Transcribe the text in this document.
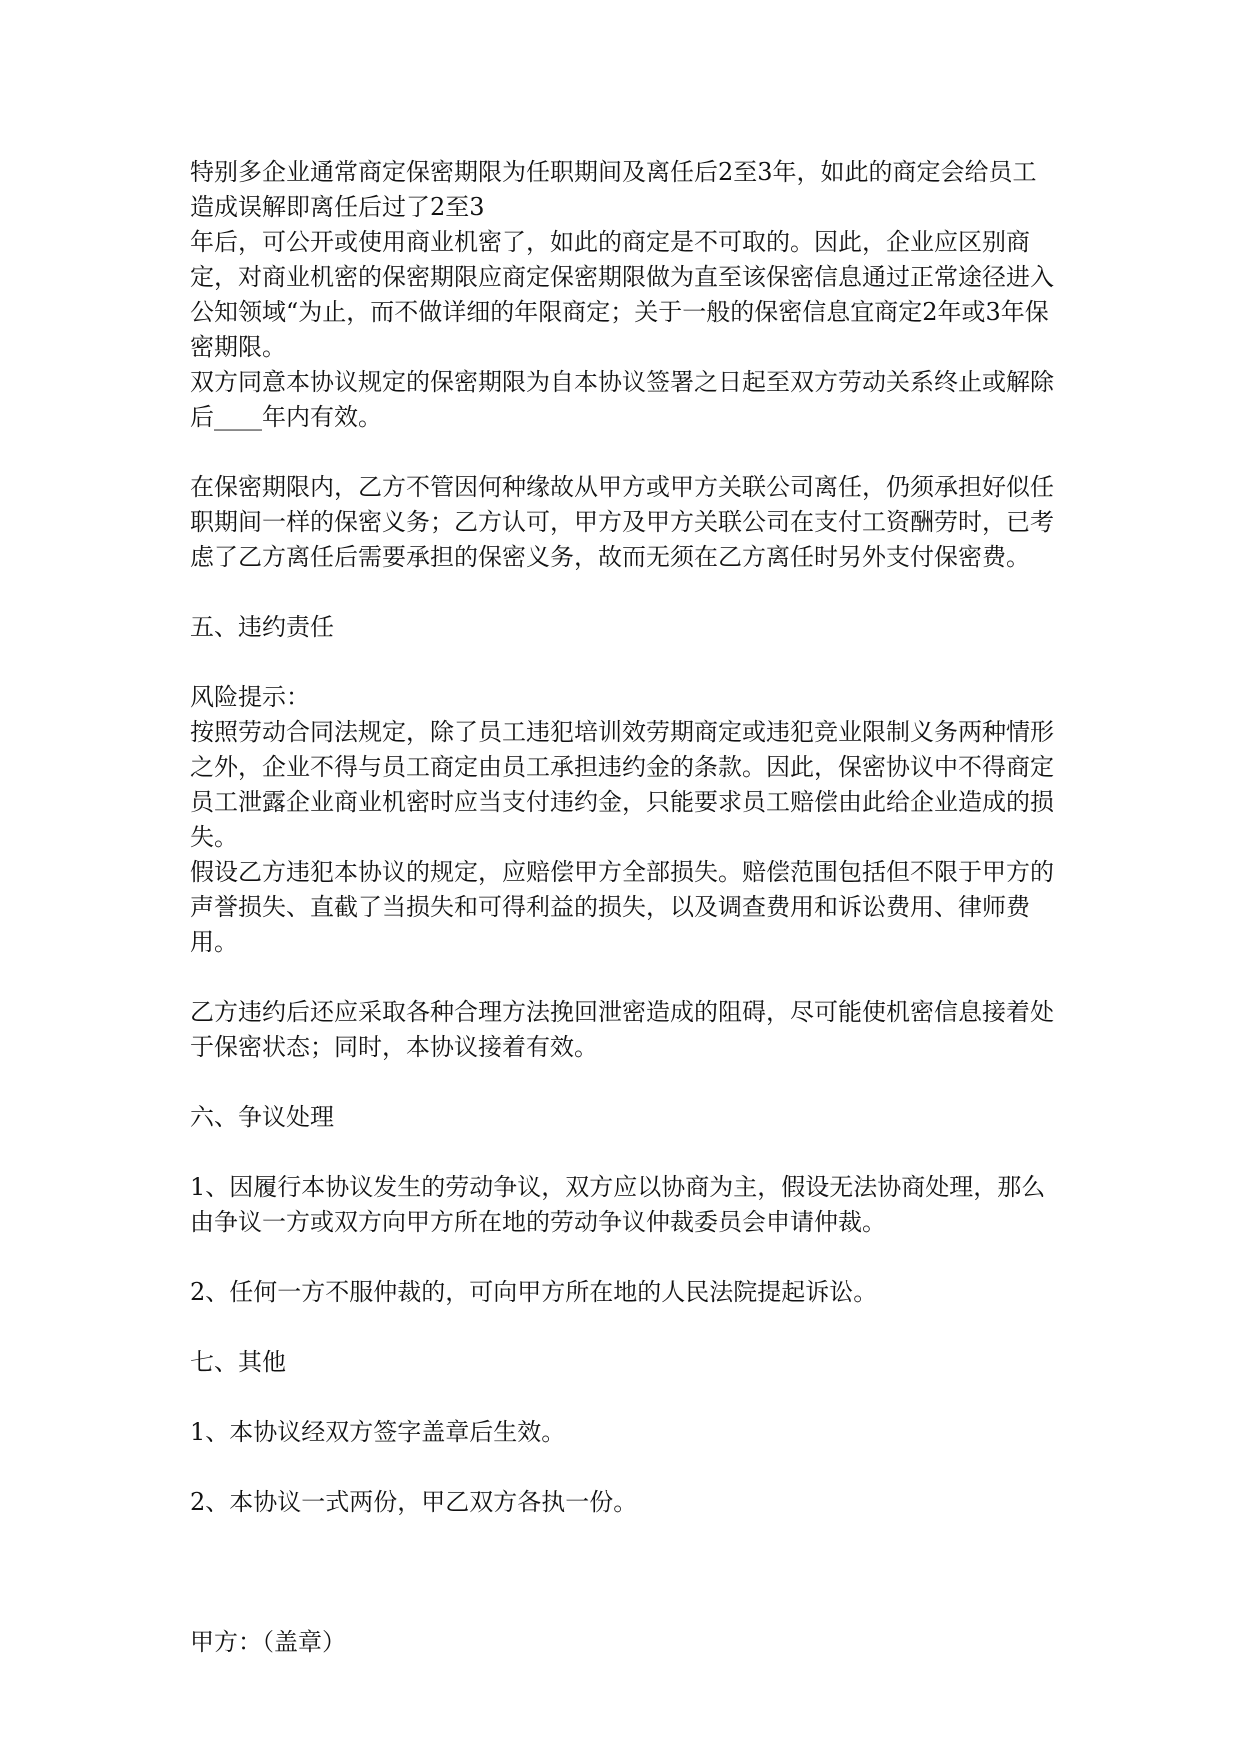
特别多企业通常商定保密期限为任职期间及离任后2至3年，如此的商定会给员工造成误解即离任后过了2至3

年后，可公开或使用商业机密了，如此的商定是不可取的。因此，企业应区别商定，对商业机密的保密期限应商定保密期限做为直至该保密信息通过正常途径进入公知领域“为止，而不做详细的年限商定；关于一般的保密信息宜商定2年或3年保密期限。

双方同意本协议规定的保密期限为自本协议签署之日起至双方劳动关系终止或解除后____年内有效。

在保密期限内，乙方不管因何种缘故从甲方或甲方关联公司离任，仍须承担好似任职期间一样的保密义务；乙方认可，甲方及甲方关联公司在支付工资酬劳时，已考虑了乙方离任后需要承担的保密义务，故而无须在乙方离任时另外支付保密费。

五、违约责任

风险提示：

按照劳动合同法规定，除了员工违犯培训效劳期商定或违犯竞业限制义务两种情形之外，企业不得与员工商定由员工承担违约金的条款。因此，保密协议中不得商定员工泄露企业商业机密时应当支付违约金，只能要求员工赔偿由此给企业造成的损失。

假设乙方违犯本协议的规定，应赔偿甲方全部损失。赔偿范围包括但不限于甲方的声誉损失、直截了当损失和可得利益的损失，以及调查费用和诉讼费用、律师费用。

乙方违约后还应采取各种合理方法挽回泄密造成的阻碍，尽可能使机密信息接着处于保密状态；同时，本协议接着有效。

六、争议处理

1、因履行本协议发生的劳动争议，双方应以协商为主，假设无法协商处理，那么由争议一方或双方向甲方所在地的劳动争议仲裁委员会申请仲裁。

2、任何一方不服仲裁的，可向甲方所在地的人民法院提起诉讼。

七、其他

1、本协议经双方签字盖章后生效。

2、本协议一式两份，甲乙双方各执一份。

甲方：（盖章）
